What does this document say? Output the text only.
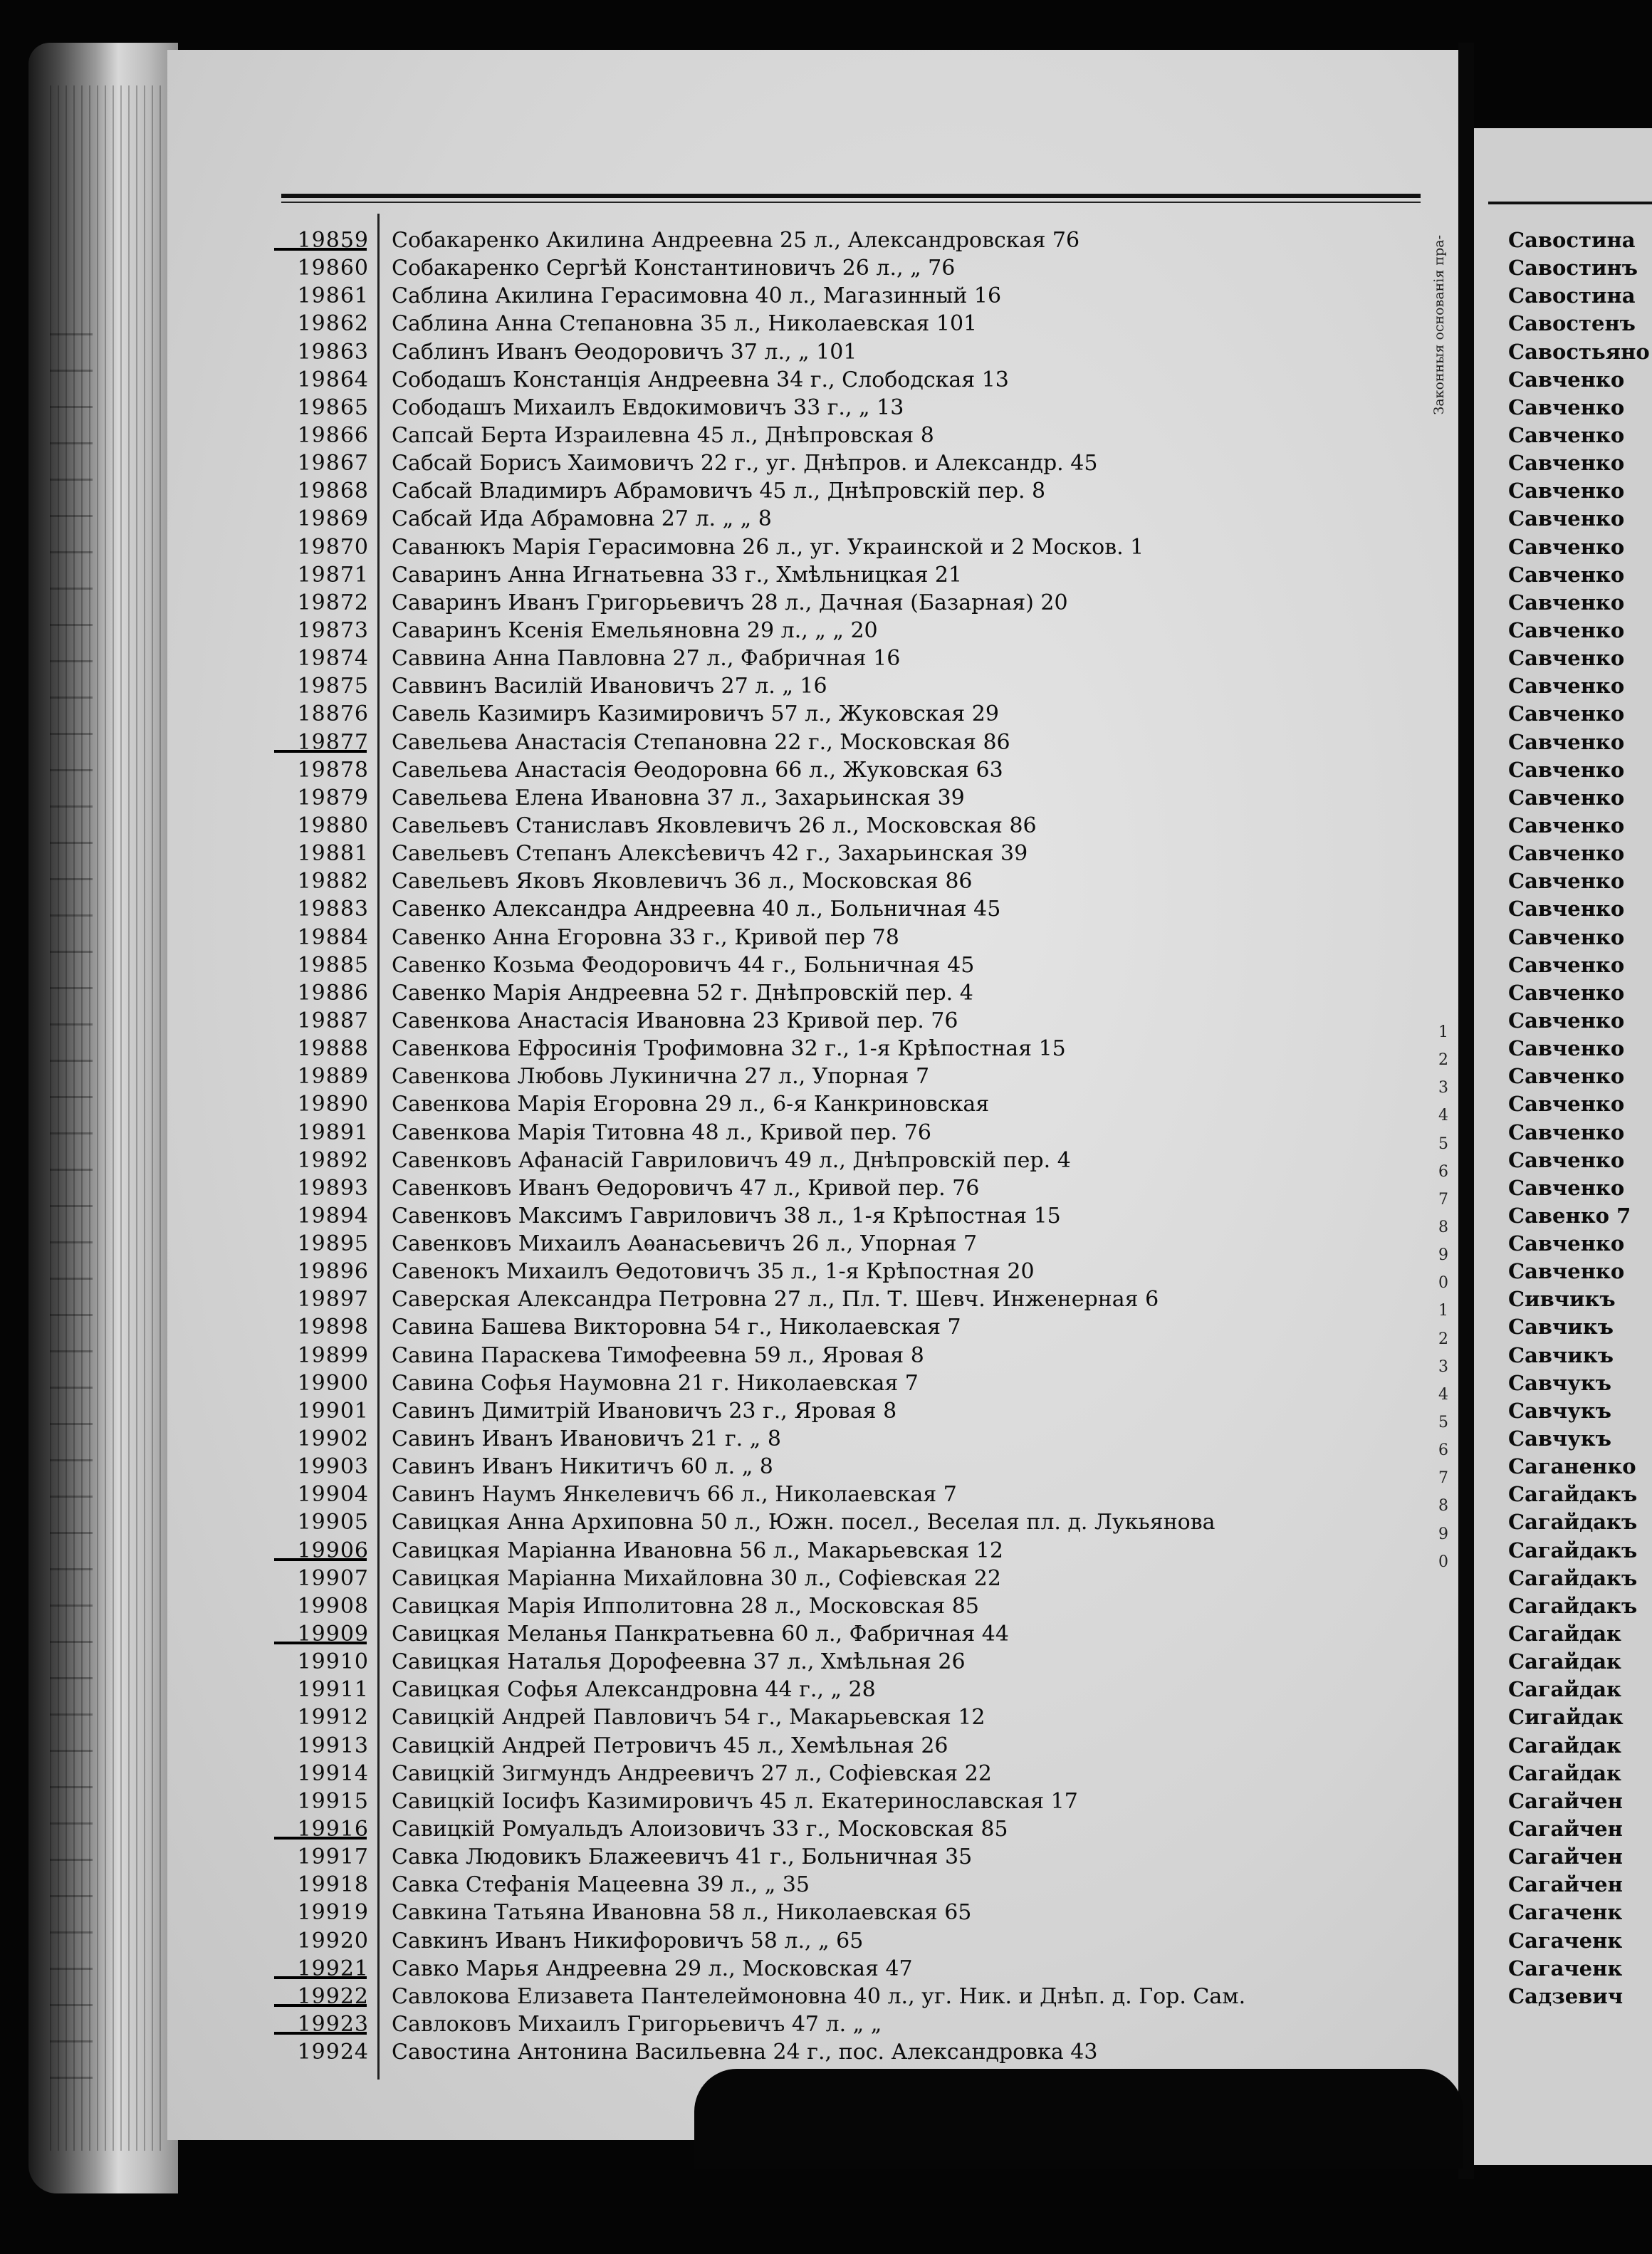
19859 Собакаренко Акилина Андреевна 25 л., Александровская 76
19860 Собакаренко Сергѣй Константиновичъ 26 л., „ 76
19861 Саблина Акилина Герасимовна 40 л., Магазинный 16
19862 Саблина Анна Степановна 35 л., Николаевская 101
19863 Саблинъ Иванъ Ѳеодоровичъ 37 л., „ 101
19864 Сободашъ Констанція Андреевна 34 г., Слободская 13
19865 Сободашъ Михаилъ Евдокимовичъ 33 г., „ 13
19866 Сапсай Берта Израилевна 45 л., Днѣпровская 8
19867 Сабсай Борисъ Хаимовичъ 22 г., уг. Днѣпров. и Александр. 45
19868 Сабсай Владимиръ Абрамовичъ 45 л., Днѣпровскій пер. 8
19869 Сабсай Ида Абрамовна 27 л. „ „ 8
19870 Саванюкъ Марія Герасимовна 26 л., уг. Украинской и 2 Москов. 1
19871 Саваринъ Анна Игнатьевна 33 г., Хмѣльницкая 21
19872 Саваринъ Иванъ Григорьевичъ 28 л., Дачная (Базарная) 20
19873 Саваринъ Ксенія Емельяновна 29 л., „ „ 20
19874 Саввина Анна Павловна 27 л., Фабричная 16
19875 Саввинъ Василій Ивановичъ 27 л. „ 16
18876 Савель Казимиръ Казимировичъ 57 л., Жуковская 29
19877 Савельева Анастасія Степановна 22 г., Московская 86
19878 Савельева Анастасія Ѳеодоровна 66 л., Жуковская 63
19879 Савельева Елена Ивановна 37 л., Захарьинская 39
19880 Савельевъ Станиславъ Яковлевичъ 26 л., Московская 86
19881 Савельевъ Степанъ Алексѣевичъ 42 г., Захарьинская 39
19882 Савельевъ Яковъ Яковлевичъ 36 л., Московская 86
19883 Савенко Александра Андреевна 40 л., Больничная 45
19884 Савенко Анна Егоровна 33 г., Кривой пер 78
19885 Савенко Козьма Феодоровичъ 44 г., Больничная 45
19886 Савенко Марія Андреевна 52 г. Днѣпровскій пер. 4
19887 Савенкова Анастасія Ивановна 23 Кривой пер. 76
19888 Савенкова Ефросинія Трофимовна 32 г., 1-я Крѣпостная 15
19889 Савенкова Любовь Лукинична 27 л., Упорная 7
19890 Савенкова Марія Егоровна 29 л., 6-я Канкриновская
19891 Савенкова Марія Титовна 48 л., Кривой пер. 76
19892 Савенковъ Афанасій Гавриловичъ 49 л., Днѣпровскій пер. 4
19893 Савенковъ Иванъ Ѳедоровичъ 47 л., Кривой пер. 76
19894 Савенковъ Максимъ Гавриловичъ 38 л., 1-я Крѣпостная 15
19895 Савенковъ Михаилъ Аѳанасьевичъ 26 л., Упорная 7
19896 Савенокъ Михаилъ Ѳедотовичъ 35 л., 1-я Крѣпостная 20
19897 Саверская Александра Петровна 27 л., Пл. Т. Шевч. Инженерная 6
19898 Савина Башева Викторовна 54 г., Николаевская 7
19899 Савина Параскева Тимофеевна 59 л., Яровая 8
19900 Савина Софья Наумовна 21 г. Николаевская 7
19901 Савинъ Димитрій Ивановичъ 23 г., Яровая 8
19902 Савинъ Иванъ Ивановичъ 21 г. „ 8
19903 Савинъ Иванъ Никитичъ 60 л. „ 8
19904 Савинъ Наумъ Янкелевичъ 66 л., Николаевская 7
19905 Савицкая Анна Архиповна 50 л., Южн. посел., Веселая пл. д. Лукьянова
19906 Савицкая Маріанна Ивановна 56 л., Макарьевская 12
19907 Савицкая Маріанна Михайловна 30 л., Софіевская 22
19908 Савицкая Марія Ипполитовна 28 л., Московская 85
19909 Савицкая Меланья Панкратьевна 60 л., Фабричная 44
19910 Савицкая Наталья Дорофеевна 37 л., Хмѣльная 26
19911 Савицкая Софья Александровна 44 г., „ 28
19912 Савицкій Андрей Павловичъ 54 г., Макарьевская 12
19913 Савицкій Андрей Петровичъ 45 л., Хемѣльная 26
19914 Савицкій Зигмундъ Андреевичъ 27 л., Софіевская 22
19915 Савицкій Іосифъ Казимировичъ 45 л. Екатеринославская 17
19916 Савицкій Ромуальдъ Алоизовичъ 33 г., Московская 85
19917 Савка Людовикъ Блажеевичъ 41 г., Больничная 35
19918 Савка Стефанія Мацеевна 39 л., „ 35
19919 Савкина Татьяна Ивановна 58 л., Николаевская 65
19920 Савкинъ Иванъ Никифоровичъ 58 л., „ 65
19921 Савко Марья Андреевна 29 л., Московская 47
19922 Савлокова Елизавета Пантелеймоновна 40 л., уг. Ник. и Днѣп. д. Гор. Сам.
19923 Савлоковъ Михаилъ Григорьевичъ 47 л. „ „
19924 Савостина Антонина Васильевна 24 г., пос. Александровка 43
Законныя основанія пра-
1
2
3
4
5
6
7
8
9
0
1
2
3
4
5
6
7
8
9
0
Савостина
Савостинъ
Савостина
Савостенъ
Савостьяно
Савченко
Савченко
Савченко
Савченко
Савченко
Савченко
Савченко
Савченко
Савченко
Савченко
Савченко
Савченко
Савченко
Савченко
Савченко
Савченко
Савченко
Савченко
Савченко
Савченко
Савченко
Савченко
Савченко
Савченко
Савченко
Савченко
Савченко
Савченко
Савченко
Савченко
Савенко 7
Савченко
Савченко
Сивчикъ
Савчикъ
Савчикъ
Савчукъ
Савчукъ
Савчукъ
Саганенко
Сагайдакъ
Сагайдакъ
Сагайдакъ
Сагайдакъ
Сагайдакъ
Сагайдак
Сагайдак
Сагайдак
Сигайдак
Сагайдак
Сагайдак
Сагайчен
Сагайчен
Сагайчен
Сагайчен
Сагаченк
Сагаченк
Сагаченк
Садзевич
